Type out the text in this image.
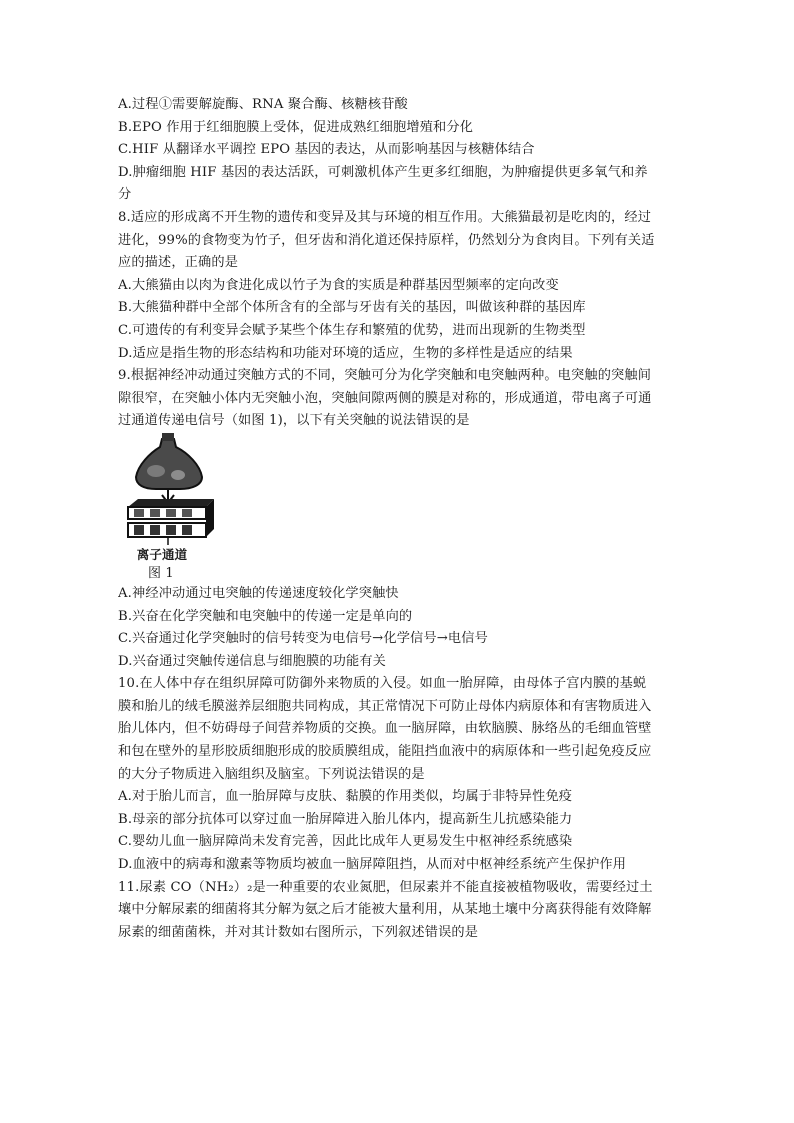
A.过程①需要解旋酶、RNA 聚合酶、核糖核苷酸
B.EPO 作用于红细胞膜上受体，促进成熟红细胞增殖和分化
C.HIF 从翻译水平调控 EPO 基因的表达，从而影响基因与核糖体结合
D.肿瘤细胞 HIF 基因的表达活跃，可刺激机体产生更多红细胞，为肿瘤提供更多氧气和养
分
8.适应的形成离不开生物的遗传和变异及其与环境的相互作用。大熊猫最初是吃肉的，经过
进化，99%的食物变为竹子，但牙齿和消化道还保持原样，仍然划分为食肉目。下列有关适
应的描述，正确的是
A.大熊猫由以肉为食进化成以竹子为食的实质是种群基因型频率的定向改变
B.大熊猫种群中全部个体所含有的全部与牙齿有关的基因，叫做该种群的基因库
C.可遗传的有利变异会赋予某些个体生存和繁殖的优势，进而出现新的生物类型
D.适应是指生物的形态结构和功能对环境的适应，生物的多样性是适应的结果
9.根据神经冲动通过突触方式的不同，突触可分为化学突触和电突触两种。电突触的突触间
隙很窄，在突触小体内无突触小泡，突触间隙两侧的膜是对称的，形成通道，带电离子可通
过通道传递电信号（如图 1)，以下有关突触的说法错误的是
离子通道
图 1
A.神经冲动通过电突触的传递速度较化学突触快
B.兴奋在化学突触和电突触中的传递一定是单向的
C.兴奋通过化学突触时的信号转变为电信号→化学信号→电信号
D.兴奋通过突触传递信息与细胞膜的功能有关
10.在人体中存在组织屏障可防御外来物质的入侵。如血一胎屏障，由母体子宫内膜的基蜕
膜和胎儿的绒毛膜滋养层细胞共同构成，其正常情况下可防止母体内病原体和有害物质进入
胎儿体内，但不妨碍母子间营养物质的交换。血一脑屏障，由软脑膜、脉络丛的毛细血管壁
和包在壁外的星形胶质细胞形成的胶质膜组成，能阻挡血液中的病原体和一些引起免疫反应
的大分子物质进入脑组织及脑室。下列说法错误的是
A.对于胎儿而言，血一胎屏障与皮肤、黏膜的作用类似，均属于非特异性免疫
B.母亲的部分抗体可以穿过血一胎屏障进入胎儿体内，提高新生儿抗感染能力
C.婴幼儿血一脑屏障尚未发育完善，因此比成年人更易发生中枢神经系统感染
D.血液中的病毒和激素等物质均被血一脑屏障阻挡，从而对中枢神经系统产生保护作用
11.尿素 CO（NH₂）₂是一种重要的农业氮肥，但尿素并不能直接被植物吸收，需要经过土
壤中分解尿素的细菌将其分解为氨之后才能被大量利用，从某地土壤中分离获得能有效降解
尿素的细菌菌株，并对其计数如右图所示，下列叙述错误的是
